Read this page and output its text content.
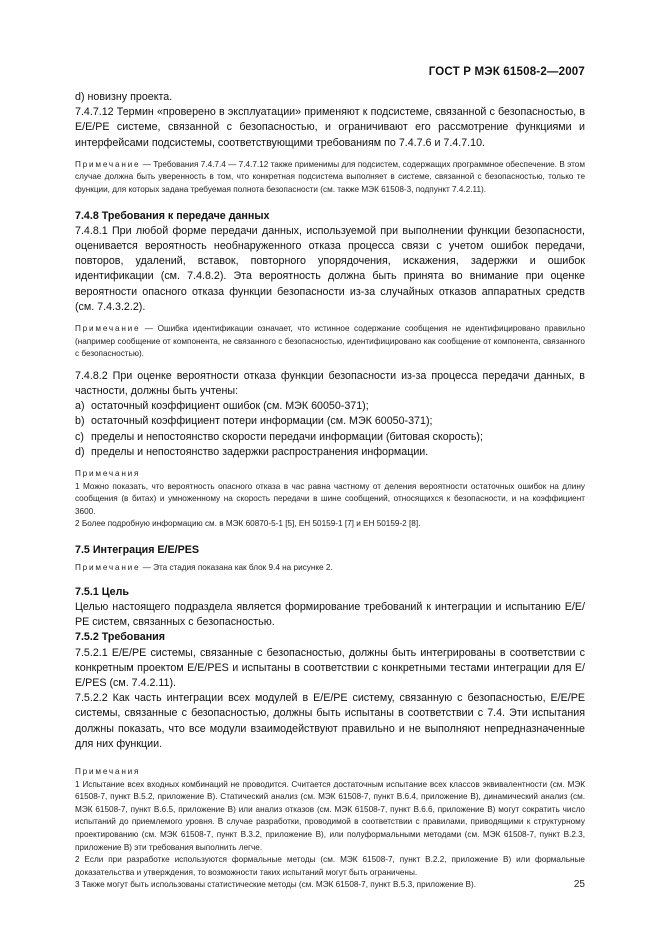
ГОСТ Р МЭК 61508-2—2007

d) новизну проекта.

7.4.7.12 Термин «проверено в эксплуатации» применяют к подсистеме, связанной с безопасностью, в Е/Е/РЕ системе, связанной с безопасностью, и ограничивают его рассмотрение функциями и интерфейсами подсистемы, соответствующими требованиям по 7.4.7.6 и 7.4.7.10.

Примечание — Требования 7.4.7.4 — 7.4.7.12 также применимы для подсистем, содержащих программное обеспечение. В этом случае должна быть уверенность в том, что конкретная подсистема выполняет в системе, связанной с безопасностью, только те функции, для которых задана требуемая полнота безопасности (см. также МЭК 61508-3, подпункт 7.4.2.11).

7.4.8 Требования к передаче данных

7.4.8.1 При любой форме передачи данных, используемой при выполнении функции безопасности, оценивается вероятность необнаруженного отказа процесса связи с учетом ошибок передачи, повторов, удалений, вставок, повторного упорядочения, искажения, задержки и ошибок идентификации (см. 7.4.8.2). Эта вероятность должна быть принята во внимание при оценке вероятности опасного отказа функции безопасности из-за случайных отказов аппаратных средств (см. 7.4.3.2.2).

Примечание — Ошибка идентификации означает, что истинное содержание сообщения не идентифицировано правильно (например сообщение от компонента, не связанного с безопасностью, идентифицировано как сообщение от компонента, связанного с безопасностью).

7.4.8.2 При оценке вероятности отказа функции безопасности из-за процесса передачи данных, в частности, должны быть учтены:

a) остаточный коэффициент ошибок (см. МЭК 60050-371);

b) остаточный коэффициент потери информации (см. МЭК 60050-371);

c) пределы и непостоянство скорости передачи информации (битовая скорость);

d) пределы и непостоянство задержки распространения информации.

Примечания

1 Можно показать, что вероятность опасного отказа в час равна частному от деления вероятности остаточных ошибок на длину сообщения (в битах) и умноженному на скорость передачи в шине сообщений, относящихся к безопасности, и на коэффициент 3600.

2 Более подробную информацию см. в МЭК 60870-5-1 [5], ЕН 50159-1 [7] и ЕН 50159-2 [8].

7.5 Интеграция Е/Е/РЕS

Примечание — Эта стадия показана как блок 9.4 на рисунке 2.

7.5.1 Цель

Целью настоящего подраздела является формирование требований к интеграции и испытанию Е/Е/РЕ систем, связанных с безопасностью.

7.5.2 Требования

7.5.2.1 Е/Е/РЕ системы, связанные с безопасностью, должны быть интегрированы в соответствии с конкретным проектом Е/Е/РЕS и испытаны в соответствии с конкретными тестами интеграции для Е/Е/РЕS (см. 7.4.2.11).

7.5.2.2 Как часть интеграции всех модулей в Е/Е/РЕ систему, связанную с безопасностью, Е/Е/РЕ системы, связанные с безопасностью, должны быть испытаны в соответствии с 7.4. Эти испытания должны показать, что все модули взаимодействуют правильно и не выполняют непредназначенные для них функции.

Примечания

1 Испытание всех входных комбинаций не проводится. Считается достаточным испытание всех классов эквивалентности (см. МЭК 61508-7, пункт В.5.2, приложение В). Статический анализ (см. МЭК 61508-7, пункт В.6.4, приложение В), динамический анализ (см. МЭК 61508-7, пункт В.6.5, приложение В) или анализ отказов (см. МЭК 61508-7, пункт В.6.6, приложение В) могут сократить число испытаний до приемлемого уровня. В случае разработки, проводимой в соответствии с правилами, приводящими к структурному проектированию (см. МЭК 61508-7, пункт В.3.2, приложение В), или полуформальными методами (см. МЭК 61508-7, пункт В.2.3, приложение В) эти требования выполнить легче.

2 Если при разработке используются формальные методы (см. МЭК 61508-7, пункт В.2.2, приложение В) или формальные доказательства и утверждения, то возможности таких испытаний могут быть ограничены.

3 Также могут быть использованы статистические методы (см. МЭК 61508-7, пункт В.5.3, приложение В).	25
